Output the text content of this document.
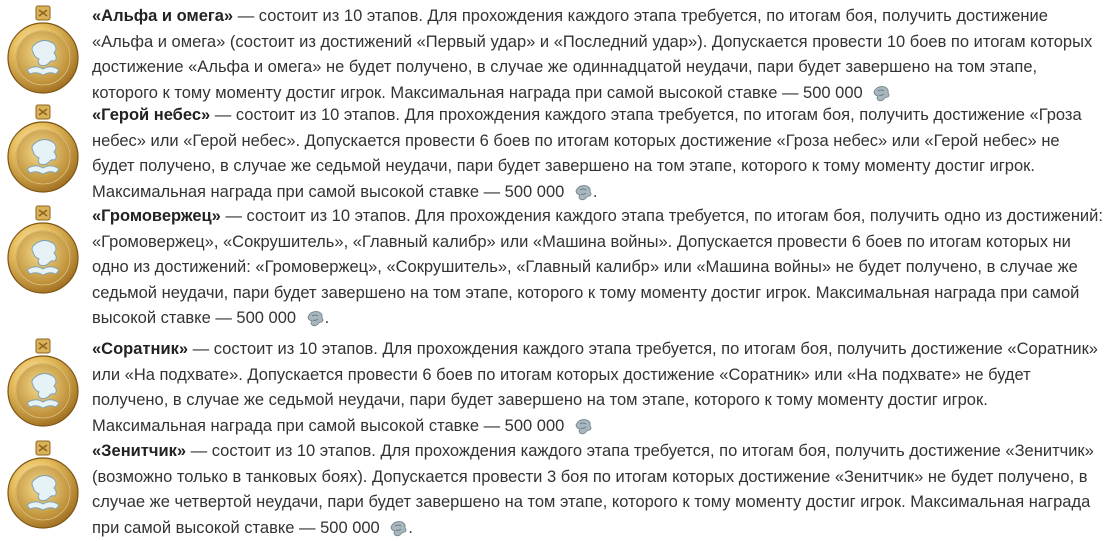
«Альфа и омега» — состоит из 10 этапов. Для прохождения каждого этапа требуется, по итогам боя, получить достижение «Альфа и омега» (состоит из достижений «Первый удар» и «Последний удар»). Допускается провести 10 боев по итогам которых достижение «Альфа и омега» не будет получено, в случае же одиннадцатой неудачи, пари будет завершено на том этапе, которого к тому моменту достиг игрок. Максимальная награда при самой высокой ставке — 500 000
«Герой небес» — состоит из 10 этапов. Для прохождения каждого этапа требуется, по итогам боя, получить достижение «Гроза небес» или «Герой небес». Допускается провести 6 боев по итогам которых достижение «Гроза небес» или «Герой небес» не будет получено, в случае же седьмой неудачи, пари будет завершено на том этапе, которого к тому моменту достиг игрок. Максимальная награда при самой высокой ставке — 500 000 .
«Громовержец» — состоит из 10 этапов. Для прохождения каждого этапа требуется, по итогам боя, получить одно из достижений: «Громовержец», «Сокрушитель», «Главный калибр» или «Машина войны». Допускается провести 6 боев по итогам которых ни одно из достижений: «Громовержец», «Сокрушитель», «Главный калибр» или «Машина войны» не будет получено, в случае же седьмой неудачи, пари будет завершено на том этапе, которого к тому моменту достиг игрок. Максимальная награда при самой высокой ставке — 500 000 .
«Соратник» — состоит из 10 этапов. Для прохождения каждого этапа требуется, по итогам боя, получить достижение «Соратник» или «На подхвате». Допускается провести 6 боев по итогам которых достижение «Соратник» или «На подхвате» не будет получено, в случае же седьмой неудачи, пари будет завершено на том этапе, которого к тому моменту достиг игрок. Максимальная награда при самой высокой ставке — 500 000
«Зенитчик» — состоит из 10 этапов. Для прохождения каждого этапа требуется, по итогам боя, получить достижение «Зенитчик» (возможно только в танковых боях). Допускается провести 3 боя по итогам которых достижение «Зенитчик» не будет получено, в случае же четвертой неудачи, пари будет завершено на том этапе, которого к тому моменту достиг игрок. Максимальная награда при самой высокой ставке — 500 000 .
